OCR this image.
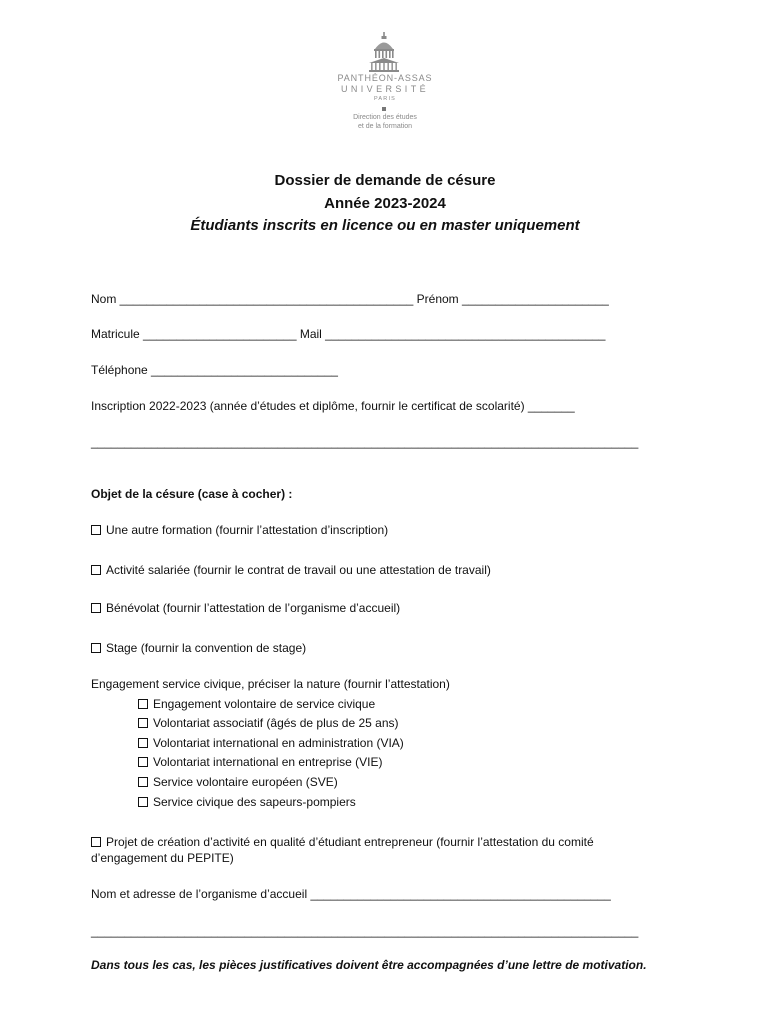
PANTHÉON-ASSAS
UNIVERSITÉ
PARIS
Direction des études
et de la formation
Dossier de demande de césure
Année 2023-2024
Étudiants inscrits en licence ou en master uniquement
Nom ____________________________________________ Prénom ______________________
Matricule _______________________ Mail __________________________________________
Téléphone ____________________________
Inscription 2022-2023 (année d’études et diplôme, fournir le certificat de scolarité) _______
__________________________________________________________________________________
Objet de la césure (case à cocher) :
Une autre formation (fournir l’attestation d’inscription)
Activité salariée (fournir le contrat de travail ou une attestation de travail)
Bénévolat (fournir l’attestation de l’organisme d’accueil)
Stage (fournir la convention de stage)
Engagement service civique, préciser la nature (fournir l’attestation)
Engagement volontaire de service civique
Volontariat associatif (âgés de plus de 25 ans)
Volontariat international en administration (VIA)
Volontariat international en entreprise (VIE)
Service volontaire européen (SVE)
Service civique des sapeurs-pompiers
Projet de création d’activité en qualité d’étudiant entrepreneur (fournir l’attestation du comité
d’engagement du PEPITE)
Nom et adresse de l’organisme d’accueil _____________________________________________
__________________________________________________________________________________
Dans tous les cas, les pièces justificatives doivent être accompagnées d’une lettre de motivation.
